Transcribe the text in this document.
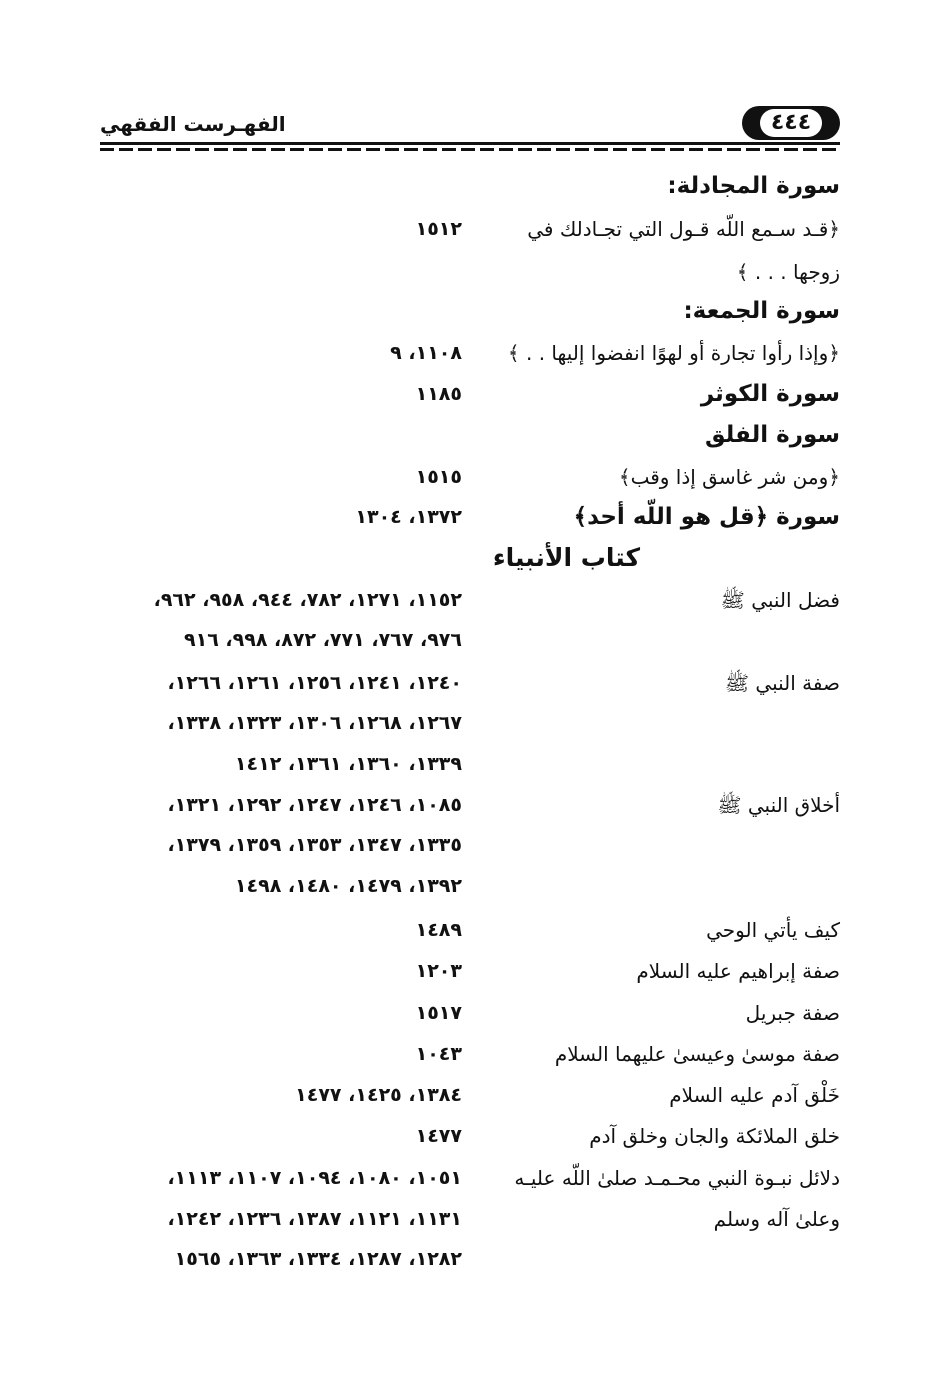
٤٤٤
الفهـرست الفقهي
سورة المجادلة:
﴿قـد سـمع اللّه قـول التي تجـادلك في
١٥١٢
زوجها . . . ﴾
سورة الجمعة:
﴿وإذا رأوا تجارة أو لهوًا انفضوا إليها . . ﴾
١١٠٨، ٩
سورة الكوثر
١١٨٥
سورة الفلق
﴿ومن شر غاسق إذا وقب﴾
١٥١٥
سورة ﴿قل هو اللّه أحد﴾
١٣٧٢، ١٣٠٤
كتاب الأنبياء
فضل النبي ﷺ
١١٥٢، ١٢٧١، ٧٨٢، ٩٤٤، ٩٥٨، ٩٦٢،
٩٧٦، ٧٦٧، ٧٧١، ٨٧٢، ٩٩٨، ٩١٦
صفة النبي ﷺ
١٢٤٠، ١٢٤١، ١٢٥٦، ١٢٦١، ١٢٦٦،
١٢٦٧، ١٢٦٨، ١٣٠٦، ١٣٢٣، ١٣٣٨،
١٣٣٩، ١٣٦٠، ١٣٦١، ١٤١٢
أخلاق النبي ﷺ
١٠٨٥، ١٢٤٦، ١٢٤٧، ١٢٩٢، ١٣٢١،
١٣٣٥، ١٣٤٧، ١٣٥٣، ١٣٥٩، ١٣٧٩،
١٣٩٢، ١٤٧٩، ١٤٨٠، ١٤٩٨
كيف يأتي الوحي
١٤٨٩
صفة إبراهيم عليه السلام
١٢٠٣
صفة جبريل
١٥١٧
صفة موسىٰ وعيسىٰ عليهما السلام
١٠٤٣
خَلْق آدم عليه السلام
١٣٨٤، ١٤٢٥، ١٤٧٧
خلق الملائكة والجان وخلق آدم
١٤٧٧
دلائل نبـوة النبي محـمـد صلىٰ اللّه عليـه
١٠٥١، ١٠٨٠، ١٠٩٤، ١١٠٧، ١١١٣،
وعلىٰ آله وسلم
١١٣١، ١١٢١، ١٣٨٧، ١٢٣٦، ١٢٤٢،
١٢٨٢، ١٢٨٧، ١٣٣٤، ١٣٦٣، ١٥٦٥
